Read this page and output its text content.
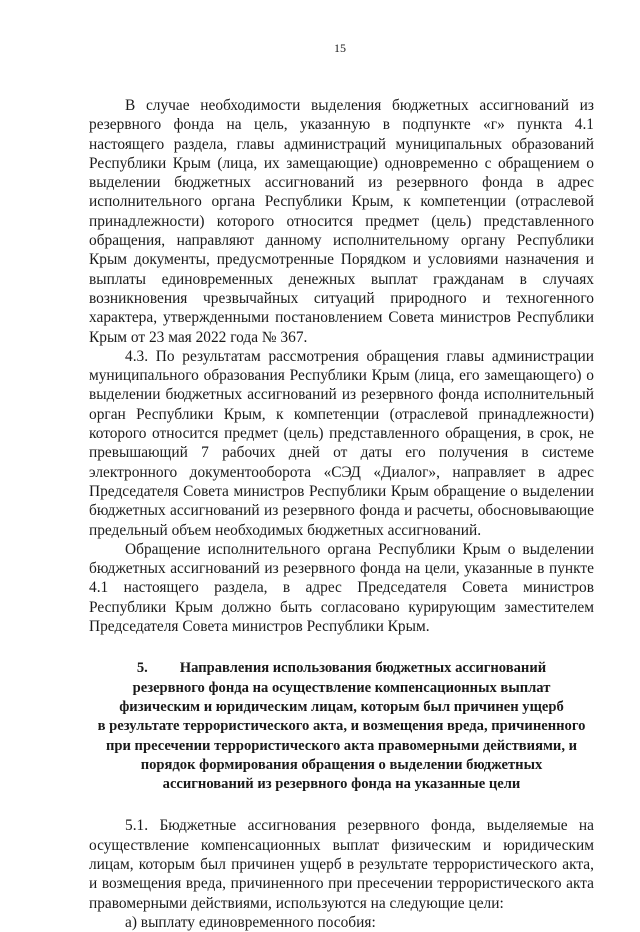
15

В случае необходимости выделения бюджетных ассигнований из резервного фонда на цель, указанную в подпункте «г» пункта 4.1 настоящего раздела, главы администраций муниципальных образований Республики Крым (лица, их замещающие) одновременно с обращением о выделении бюджетных ассигнований из резервного фонда в адрес исполнительного органа Республики Крым, к компетенции (отраслевой принадлежности) которого относится предмет (цель) представленного обращения, направляют данному исполнительному органу Республики Крым документы, предусмотренные Порядком и условиями назначения и выплаты единовременных денежных выплат гражданам в случаях возникновения чрезвычайных ситуаций природного и техногенного характера, утвержденными постановлением Совета министров Республики Крым от 23 мая 2022 года № 367.

4.3. По результатам рассмотрения обращения главы администрации муниципального образования Республики Крым (лица, его замещающего) о выделении бюджетных ассигнований из резервного фонда исполнительный орган Республики Крым, к компетенции (отраслевой принадлежности) которого относится предмет (цель) представленного обращения, в срок, не превышающий 7 рабочих дней от даты его получения в системе электронного документооборота «СЭД «Диалог», направляет в адрес Председателя Совета министров Республики Крым обращение о выделении бюджетных ассигнований из резервного фонда и расчеты, обосновывающие предельный объем необходимых бюджетных ассигнований.

Обращение исполнительного органа Республики Крым о выделении бюджетных ассигнований из резервного фонда на цели, указанные в пункте 4.1 настоящего раздела, в адрес Председателя Совета министров Республики Крым должно быть согласовано курирующим заместителем Председателя Совета министров Республики Крым.

5. Направления использования бюджетных ассигнований
резервного фонда на осуществление компенсационных выплат
физическим и юридическим лицам, которым был причинен ущерб
в результате террористического акта, и возмещения вреда, причиненного
при пресечении террористического акта правомерными действиями, и
порядок формирования обращения о выделении бюджетных
ассигнований из резервного фонда на указанные цели

5.1. Бюджетные ассигнования резервного фонда, выделяемые на осуществление компенсационных выплат физическим и юридическим лицам, которым был причинен ущерб в результате террористического акта, и возмещения вреда, причиненного при пресечении террористического акта правомерными действиями, используются на следующие цели:

а) выплату единовременного пособия:
